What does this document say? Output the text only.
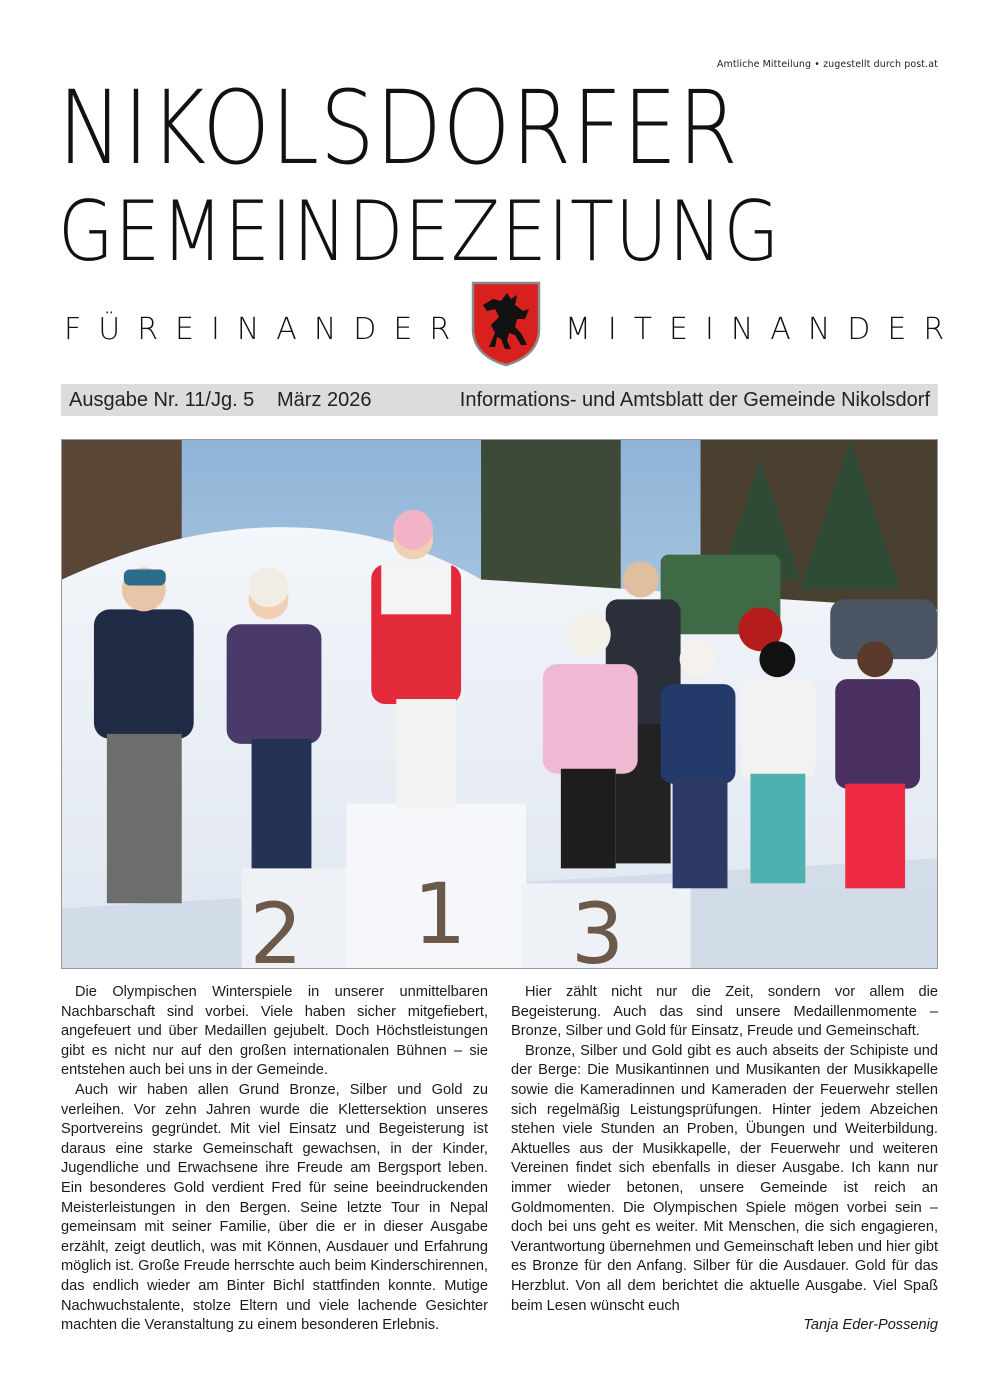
Amtliche Mitteilung • zugestellt durch post.at
NIKOLSDORFER
GEMEINDEZEITUNG
FÜREINANDER	MITEINANDER
Ausgabe Nr. 11/Jg. 5 März 2026	Informations- und Amtsblatt der Gemeinde Nikolsdorf
2 1 3

Die Olympischen Winterspiele in unserer unmittelbaren Nachbarschaft sind vorbei. Viele haben sicher mitgefiebert, angefeuert und über Medaillen gejubelt. Doch Höchstleistungen gibt es nicht nur auf den großen internationalen Bühnen – sie entstehen auch bei uns in der Gemeinde.

Auch wir haben allen Grund Bronze, Silber und Gold zu verleihen. Vor zehn Jahren wurde die Klettersektion unseres Sportvereins gegründet. Mit viel Einsatz und Begeisterung ist daraus eine starke Gemeinschaft gewachsen, in der Kinder, Jugendliche und Erwachsene ihre Freude am Bergsport leben. Ein besonderes Gold verdient Fred für seine beeindruckenden Meisterleistungen in den Bergen. Seine letzte Tour in Nepal gemeinsam mit seiner Familie, über die er in dieser Ausgabe erzählt, zeigt deutlich, was mit Können, Ausdauer und Erfahrung möglich ist. Große Freude herrschte auch beim Kinderschirennen, das endlich wieder am Binter Bichl stattfinden konnte. Mutige Nachwuchstalente, stolze Eltern und viele lachende Gesichter machten die Veranstaltung zu einem besonderen Erlebnis.

Hier zählt nicht nur die Zeit, sondern vor allem die Begeisterung. Auch das sind unsere Medaillenmomente – Bronze, Silber und Gold für Einsatz, Freude und Gemeinschaft.

Bronze, Silber und Gold gibt es auch abseits der Schipiste und der Berge: Die Musikantinnen und Musikanten der Musikkapelle sowie die Kameradinnen und Kameraden der Feuerwehr stellen sich regelmäßig Leistungsprüfungen. Hinter jedem Abzeichen stehen viele Stunden an Proben, Übungen und Weiterbildung. Aktuelles aus der Musikkapelle, der Feuerwehr und weiteren Vereinen findet sich ebenfalls in dieser Ausgabe. Ich kann nur immer wieder betonen, unsere Gemeinde ist reich an Goldmomenten. Die Olympischen Spiele mögen vorbei sein – doch bei uns geht es weiter. Mit Menschen, die sich engagieren, Verantwortung übernehmen und Gemeinschaft leben und hier gibt es Bronze für den Anfang. Silber für die Ausdauer. Gold für das Herzblut. Von all dem berichtet die aktuelle Ausgabe. Viel Spaß beim Lesen wünscht euch

Tanja Eder-Possenig
